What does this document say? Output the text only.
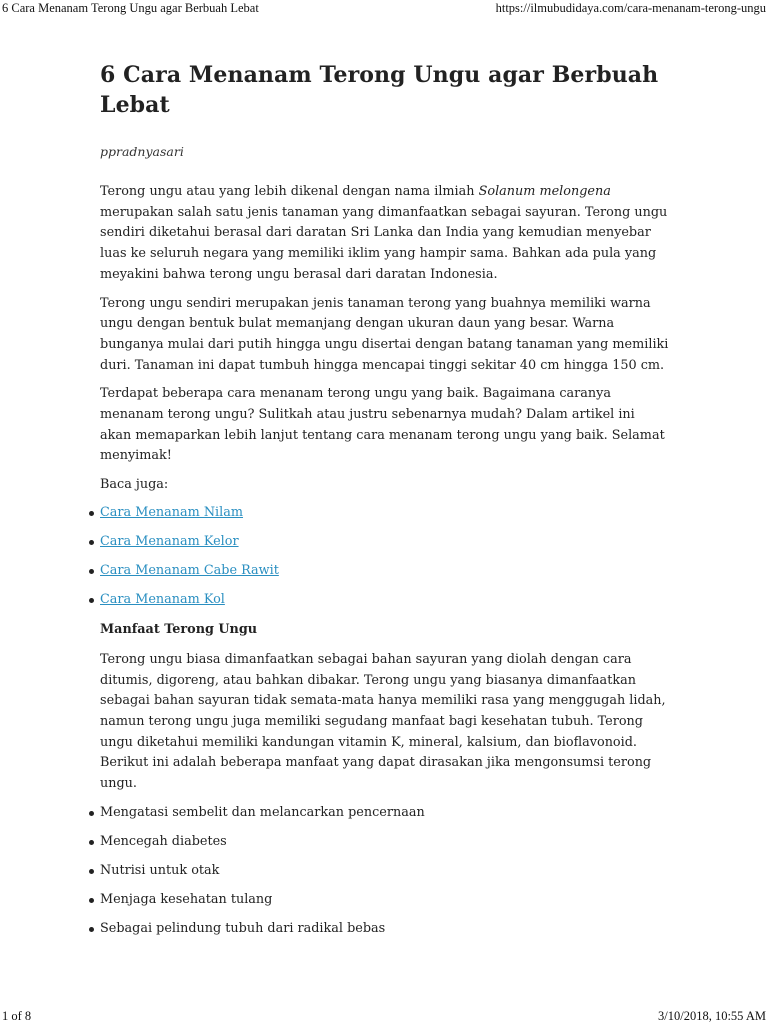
6 Cara Menanam Terong Ungu agar Berbuah Lebat	https://ilmubudidaya.com/cara-menanam-terong-ungu
6 Cara Menanam Terong Ungu agar Berbuah Lebat
ppradnyasari

Terong ungu atau yang lebih dikenal dengan nama ilmiah Solanum melongena merupakan salah satu jenis tanaman yang dimanfaatkan sebagai sayuran. Terong ungu sendiri diketahui berasal dari daratan Sri Lanka dan India yang kemudian menyebar luas ke seluruh negara yang memiliki iklim yang hampir sama. Bahkan ada pula yang meyakini bahwa terong ungu berasal dari daratan Indonesia.

Terong ungu sendiri merupakan jenis tanaman terong yang buahnya memiliki warna ungu dengan bentuk bulat memanjang dengan ukuran daun yang besar. Warna bunganya mulai dari putih hingga ungu disertai dengan batang tanaman yang memiliki duri. Tanaman ini dapat tumbuh hingga mencapai tinggi sekitar 40 cm hingga 150 cm.

Terdapat beberapa cara menanam terong ungu yang baik. Bagaimana caranya menanam terong ungu? Sulitkah atau justru sebenarnya mudah? Dalam artikel ini akan memaparkan lebih lanjut tentang cara menanam terong ungu yang baik. Selamat menyimak!

Baca juga:

Cara Menanam Nilam
Cara Menanam Kelor
Cara Menanam Cabe Rawit
Cara Menanam Kol
Manfaat Terong Ungu

Terong ungu biasa dimanfaatkan sebagai bahan sayuran yang diolah dengan cara ditumis, digoreng, atau bahkan dibakar. Terong ungu yang biasanya dimanfaatkan sebagai bahan sayuran tidak semata-mata hanya memiliki rasa yang menggugah lidah, namun terong ungu juga memiliki segudang manfaat bagi kesehatan tubuh. Terong ungu diketahui memiliki kandungan vitamin K, mineral, kalsium, dan bioflavonoid. Berikut ini adalah beberapa manfaat yang dapat dirasakan jika mengonsumsi terong ungu.

Mengatasi sembelit dan melancarkan pencernaan
Mencegah diabetes
Nutrisi untuk otak
Menjaga kesehatan tulang
Sebagai pelindung tubuh dari radikal bebas
1 of 8	3/10/2018, 10:55 AM
